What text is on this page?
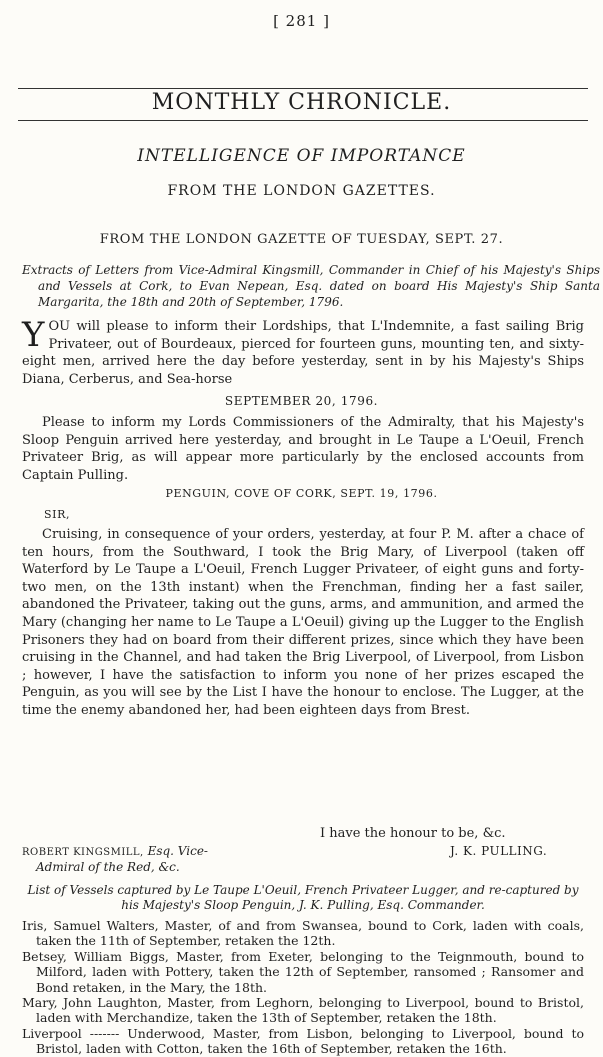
[ 281 ]
MONTHLY CHRONICLE.
INTELLIGENCE OF IMPORTANCE
FROM THE LONDON GAZETTES.
FROM THE LONDON GAZETTE OF TUESDAY, SEPT. 27.
Extracts of Letters from Vice-Admiral Kingsmill, Commander in Chief of his Majesty's Ships and Vessels at Cork, to Evan Nepean, Esq. dated on board His Majesty's Ship Santa Margarita, the 18th and 20th of September, 1796.
YOU will please to inform their Lordships, that L'Indemnite, a fast sailing Brig Privateer, out of Bourdeaux, pierced for fourteen guns, mounting ten, and sixty-eight men, arrived here the day before yesterday, sent in by his Majesty's Ships Diana, Cerberus, and Sea-horse
SEPTEMBER 20, 1796.
Please to inform my Lords Commissioners of the Admiralty, that his Majesty's Sloop Penguin arrived here yesterday, and brought in Le Taupe a L'Oeuil, French Privateer Brig, as will appear more particularly by the enclosed accounts from Captain Pulling.
PENGUIN, COVE OF CORK, SEPT. 19, 1796.
SIR,
Cruising, in consequence of your orders, yesterday, at four P. M. after a chace of ten hours, from the Southward, I took the Brig Mary, of Liverpool (taken off Waterford by Le Taupe a L'Oeuil, French Lugger Privateer, of eight guns and forty-two men, on the 13th instant) when the Frenchman, finding her a fast sailer, abandoned the Privateer, taking out the guns, arms, and ammunition, and armed the Mary (changing her name to Le Taupe a L'Oeuil) giving up the Lugger to the English Prisoners they had on board from their different prizes, since which they have been cruising in the Channel, and had taken the Brig Liverpool, of Liverpool, from Lisbon ; however, I have the satisfaction to inform you none of her prizes escaped the Penguin, as you will see by the List I have the honour to enclose. The Lugger, at the time the enemy abandoned her, had been eighteen days from Brest.
I have the honour to be, &c.
ROBERT KINGSMILL, Esq. Vice-
Admiral of the Red, &c.
J. K. PULLING.
List of Vessels captured by Le Taupe L'Oeuil, French Privateer Lugger, and re-captured by his Majesty's Sloop Penguin, J. K. Pulling, Esq. Commander.

Iris, Samuel Walters, Master, of and from Swansea, bound to Cork, laden with coals, taken the 11th of September, retaken the 12th.

Betsey, William Biggs, Master, from Exeter, belonging to the Teignmouth, bound to Milford, laden with Pottery, taken the 12th of September, ransomed ; Ransomer and Bond retaken, in the Mary, the 18th.

Mary, John Laughton, Master, from Leghorn, belonging to Liverpool, bound to Bristol, laden with Merchandize, taken the 13th of September, retaken the 18th.

Liverpool ------- Underwood, Master, from Lisbon, belonging to Liverpool, bound to Bristol, laden with Cotton, taken the 16th of September, retaken the 16th.
